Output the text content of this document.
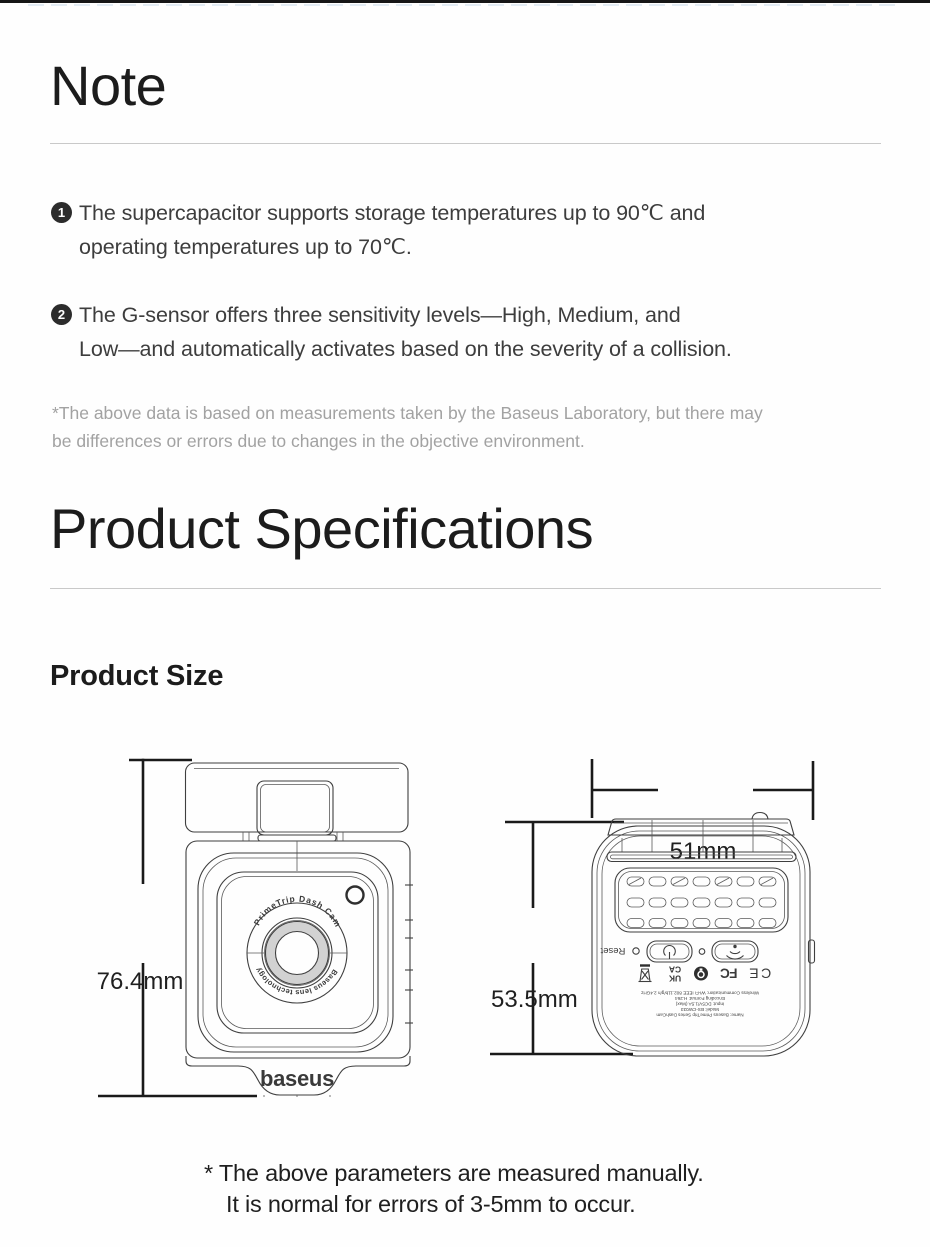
Note
1 The supercapacitor supports storage temperatures up to 90℃ and
operating temperatures up to 70℃.
2 The G-sensor offers three sensitivity levels—High, Medium, and
Low—and automatically activates based on the severity of a collision.
*The above data is based on measurements taken by the Baseus Laboratory, but there may
be differences or errors due to changes in the objective environment.
Product Specifications
Product Size
76.4mm
PrimeTrip Dash Cam
Baseus lens technology
baseus
51mm
53.5mm
Reset
UK
CA	FC CE
Name: Baseus PrimeTrip Series DashCam
Model: BS-CW033
Input: DC5V/1.5A (Max)
Encoding Format: H.264
Wireless Communication: Wi-Fi IEEE 802.11b/g/n 2.4GHz
* The above parameters are measured manually.
It is normal for errors of 3-5mm to occur.
